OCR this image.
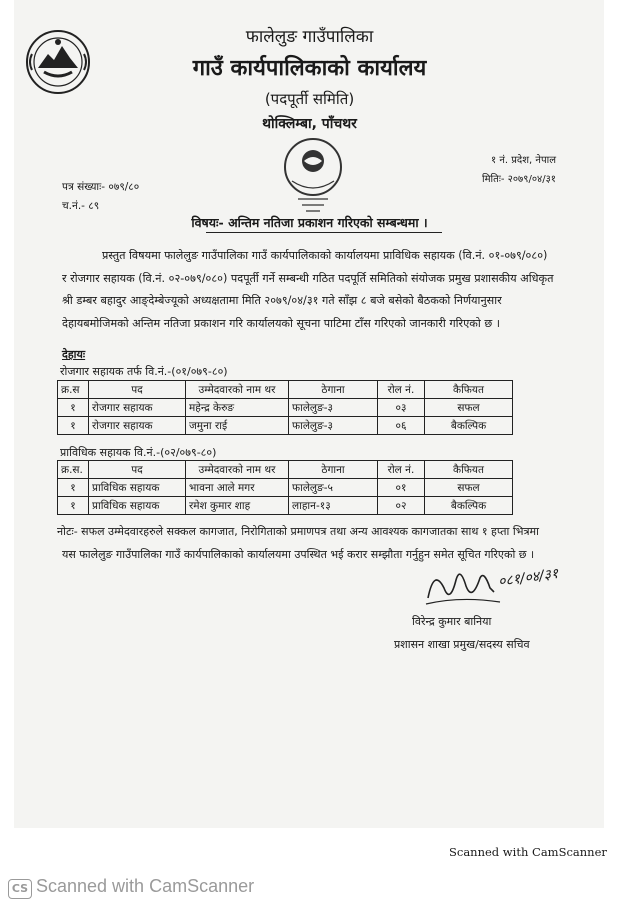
फालेलुङ गाउँपालिका
गाउँ कार्यपालिकाको कार्यालय
(पदपूर्ती समिति)
थोक्लिम्बा, पाँचथर
१ नं. प्रदेश, नेपाल
मितिः- २०७९/०४/३१
पत्र संख्याः- ०७९/८०
च.नं.- ८९
विषयः- अन्तिम नतिजा प्रकाशन गरिएको सम्बन्धमा ।
प्रस्तुत विषयमा फालेलुङ गाउँपालिका गाउँ कार्यपालिकाको कार्यालयमा प्राविधिक सहायक (वि.नं. ०१-०७९/०८०)
र रोजगार सहायक (वि.नं. ०२-०७९/०८०) पदपूर्ती गर्ने सम्बन्धी गठित पदपूर्ति समितिको संयोजक प्रमुख प्रशासकीय अधिकृत
श्री डम्बर बहादुर आङ्देम्बेज्यूको अध्यक्षतामा मिति २०७९/०४/३१ गते साँझ ८ बजे बसेको बैठकको निर्णयानुसार
देहायबमोजिमको अन्तिम नतिजा प्रकाशन गरि कार्यालयको सूचना पाटिमा टाँस गरिएको जानकारी गरिएको छ ।
देहायः
रोजगार सहायक तर्फ वि.नं.-(०१/०७९-८०)
क्र.स	पद	उम्मेदवारको नाम थर	ठेगाना	रोल नं.	कैफियत
१	रोजगार सहायक	महेन्द्र केरुङ	फालेलुङ-३	०३	सफल
१	रोजगार सहायक	जमुना राई	फालेलुङ-३	०६	बैकल्पिक
प्राविधिक सहायक वि.नं.-(०२/०७९-८०)
क्र.स.	पद	उम्मेदवारको नाम थर	ठेगाना	रोल नं.	कैफियत
१	प्राविधिक सहायक	भावना आले मगर	फालेलुङ-५	०१	सफल
१	प्राविधिक सहायक	रमेश कुमार शाह	लाहान-१३	०२	बैकल्पिक
नोटः- सफल उम्मेदवारहरुले सक्कल कागजात, निरोगिताको प्रमाणपत्र तथा अन्य आवश्यक कागजातका साथ १ हप्ता भित्रमा
यस फालेलुङ गाउँपालिका गाउँ कार्यपालिकाको कार्यालयमा उपस्थित भई करार सम्झौता गर्नुहुन समेत सूचित गरिएको छ ।
०८१/०४/३१
विरेन्द्र कुमार बानिया
प्रशासन शाखा प्रमुख/सदस्य सचिव
Scanned with CamScanner
CS Scanned with CamScanner
